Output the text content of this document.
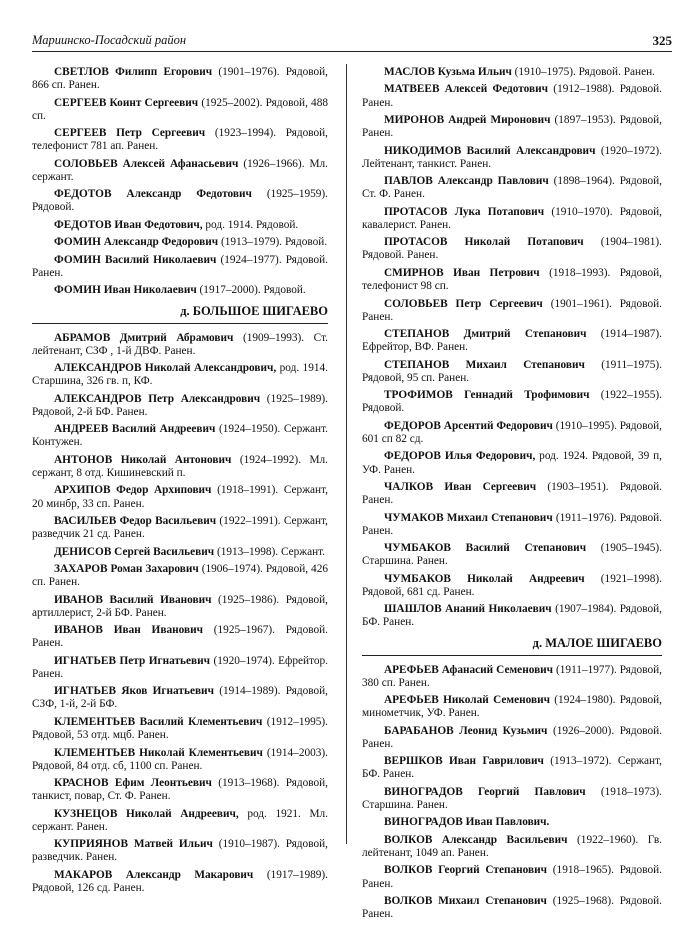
Мариинско-Посадский район	325

СВЕТЛОВ Филипп Егорович (1901–1976). Рядовой, 866 сп. Ранен.

СЕРГЕЕВ Коинт Сергеевич (1925–2002). Рядовой, 488 сп.

СЕРГЕЕВ Петр Сергеевич (1923–1994). Рядовой, телефонист 781 ап. Ранен.

СОЛОВЬЕВ Алексей Афанасьевич (1926–1966). Мл. сержант.

ФЕДОТОВ Александр Федотович (1925–1959). Рядовой.

ФЕДОТОВ Иван Федотович, род. 1914. Рядовой.

ФОМИН Александр Федорович (1913–1979). Рядовой.

ФОМИН Василий Николаевич (1924–1977). Рядовой. Ранен.

ФОМИН Иван Николаевич (1917–2000). Рядовой.

д. БОЛЬШОЕ ШИГАЕВО

АБРАМОВ Дмитрий Абрамович (1909–1993). Ст. лейтенант, СЗФ , 1-й ДВФ. Ранен.

АЛЕКСАНДРОВ Николай Александрович, род. 1914. Старшина, 326 гв. п, КФ.

АЛЕКСАНДРОВ Петр Александрович (1925–1989). Рядовой, 2-й БФ. Ранен.

АНДРЕЕВ Василий Андреевич (1924–1950). Сержант. Контужен.

АНТОНОВ Николай Антонович (1924–1992). Мл. сержант, 8 отд. Кишиневский п.

АРХИПОВ Федор Архипович (1918–1991). Сержант, 20 минбр, 33 сп. Ранен.

ВАСИЛЬЕВ Федор Васильевич (1922–1991). Сержант, разведчик 21 сд. Ранен.

ДЕНИСОВ Сергей Васильевич (1913–1998). Сержант.

ЗАХАРОВ Роман Захарович (1906–1974). Рядовой, 426 сп. Ранен.

ИВАНОВ Василий Иванович (1925–1986). Рядовой, артиллерист, 2-й БФ. Ранен.

ИВАНОВ Иван Иванович (1925–1967). Рядовой. Ранен.

ИГНАТЬЕВ Петр Игнатьевич (1920–1974). Ефрейтор. Ранен.

ИГНАТЬЕВ Яков Игнатьевич (1914–1989). Рядовой, СЗФ, 1-й, 2-й БФ.

КЛЕМЕНТЬЕВ Василий Клементьевич (1912–1995). Рядовой, 53 отд. мцб. Ранен.

КЛЕМЕНТЬЕВ Николай Клементьевич (1914–2003). Рядовой, 84 отд. сб, 1100 сп. Ранен.

КРАСНОВ Ефим Леонтьевич (1913–1968). Рядовой, танкист, повар, Ст. Ф. Ранен.

КУЗНЕЦОВ Николай Андреевич, род. 1921. Мл. сержант. Ранен.

КУПРИЯНОВ Матвей Ильич (1910–1987). Рядовой, разведчик. Ранен.

МАКАРОВ Александр Макарович (1917–1989). Рядовой, 126 сд. Ранен.

МАСЛОВ Кузьма Ильич (1910–1975). Рядовой. Ранен.

МАТВЕЕВ Алексей Федотович (1912–1988). Рядовой. Ранен.

МИРОНОВ Андрей Миронович (1897–1953). Рядовой, Ранен.

НИКОДИМОВ Василий Александрович (1920–1972). Лейтенант, танкист. Ранен.

ПАВЛОВ Александр Павлович (1898–1964). Рядовой, Ст. Ф. Ранен.

ПРОТАСОВ Лука Потапович (1910–1970). Рядовой, кавалерист. Ранен.

ПРОТАСОВ Николай Потапович (1904–1981). Рядовой. Ранен.

СМИРНОВ Иван Петрович (1918–1993). Рядовой, телефонист 98 сп.

СОЛОВЬЕВ Петр Сергеевич (1901–1961). Рядовой. Ранен.

СТЕПАНОВ Дмитрий Степанович (1914–1987). Ефрейтор, ВФ. Ранен.

СТЕПАНОВ Михаил Степанович (1911–1975). Рядовой, 95 сп. Ранен.

ТРОФИМОВ Геннадий Трофимович (1922–1955). Рядовой.

ФЕДОРОВ Арсентий Федорович (1910–1995). Рядовой, 601 сп 82 сд.

ФЕДОРОВ Илья Федорович, род. 1924. Рядовой, 39 п, УФ. Ранен.

ЧАЛКОВ Иван Сергеевич (1903–1951). Рядовой. Ранен.

ЧУМАКОВ Михаил Степанович (1911–1976). Рядовой. Ранен.

ЧУМБАКОВ Василий Степанович (1905–1945). Старшина. Ранен.

ЧУМБАКОВ Николай Андреевич (1921–1998). Рядовой, 681 сд. Ранен.

ШАШЛОВ Ананий Николаевич (1907–1984). Рядовой, БФ. Ранен.

д. МАЛОЕ ШИГАЕВО

АРЕФЬЕВ Афанасий Семенович (1911–1977). Рядовой, 380 сп. Ранен.

АРЕФЬЕВ Николай Семенович (1924–1980). Рядовой, минометчик, УФ. Ранен.

БАРАБАНОВ Леонид Кузьмич (1926–2000). Рядовой. Ранен.

ВЕРШКОВ Иван Гаврилович (1913–1972). Сержант, БФ. Ранен.

ВИНОГРАДОВ Георгий Павлович (1918–1973). Старшина. Ранен.

ВИНОГРАДОВ Иван Павлович.

ВОЛКОВ Александр Васильевич (1922–1960). Гв. лейтенант, 1049 ап. Ранен.

ВОЛКОВ Георгий Степанович (1918–1965). Рядовой. Ранен.

ВОЛКОВ Михаил Степанович (1925–1968). Рядовой. Ранен.
